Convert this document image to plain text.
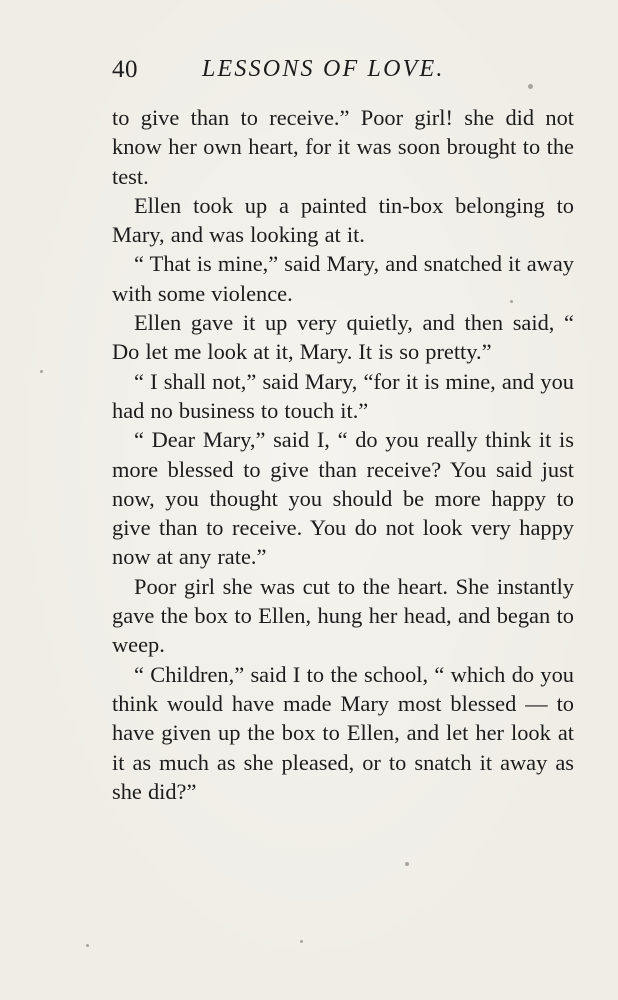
40	LESSONS OF LOVE.

to give than to receive.” Poor girl! she did not know her own heart, for it was soon brought to the test.

Ellen took up a painted tin-box belonging to Mary, and was looking at it.

“ That is mine,” said Mary, and snatched it away with some violence.

Ellen gave it up very quietly, and then said, “ Do let me look at it, Mary. It is so pretty.”

“ I shall not,” said Mary, “for it is mine, and you had no business to touch it.”

“ Dear Mary,” said I, “ do you really think it is more blessed to give than receive? You said just now, you thought you should be more happy to give than to receive. You do not look very happy now at any rate.”

Poor girl she was cut to the heart. She instantly gave the box to Ellen, hung her head, and began to weep.

“ Children,” said I to the school, “ which do you think would have made Mary most blessed — to have given up the box to Ellen, and let her look at it as much as she pleased, or to snatch it away as she did?”
